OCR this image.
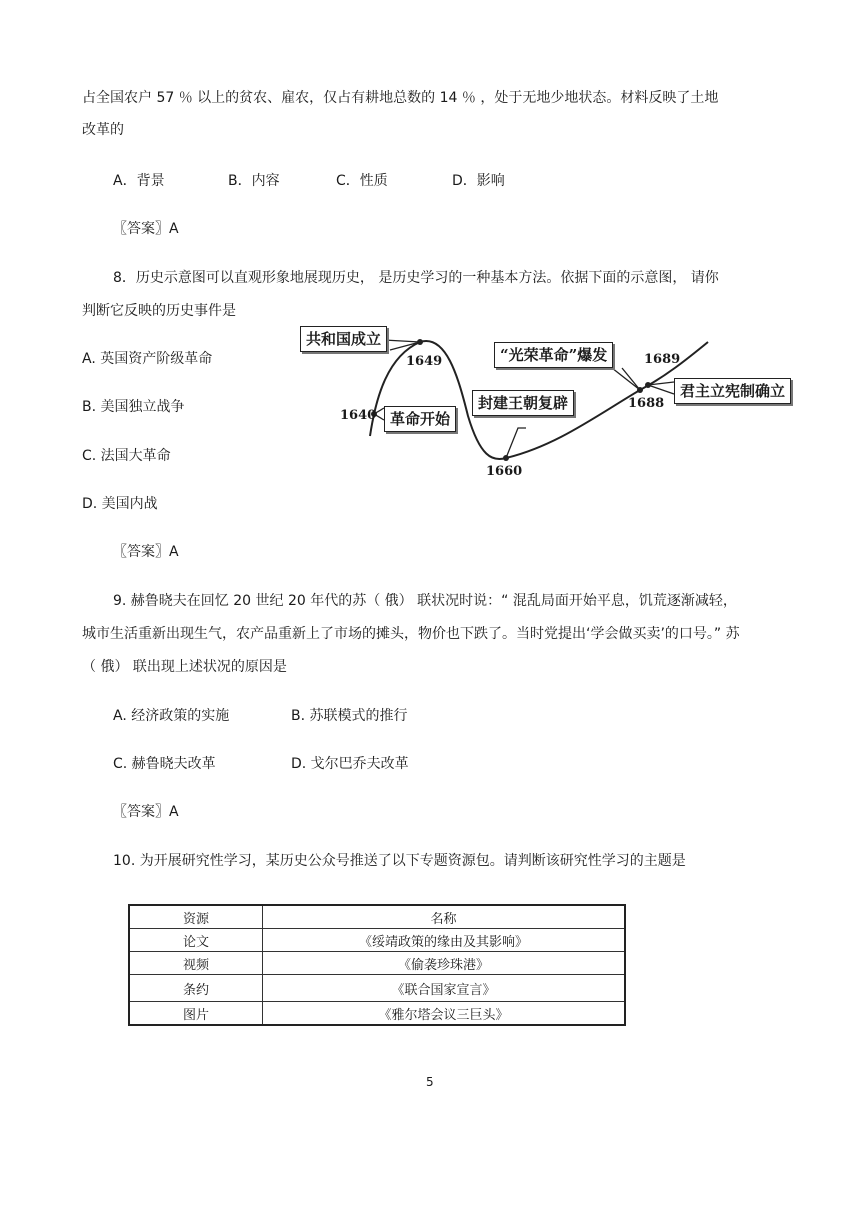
占全国农户 57 ％ 以上的贫农、雇农，仅占有耕地总数的 14 ％ ，处于无地少地状态。材料反映了土地
改革的
A．背景	B．内容	C．性质	D．影响
〖答案〗A
8．历史示意图可以直观形象地展现历史， 是历史学习的一种基本方法。依据下面的示意图， 请你
判断它反映的历史事件是
A. 英国资产阶级革命
B. 美国独立战争
C. 法国大革命
D. 美国内战
〖答案〗A
共和国成立
1649
1640 革命开始
封建王朝复辟
1660
“光荣革命”爆发	1689
1688
君主立宪制确立
9. 赫鲁晓夫在回忆 20 世纪 20 年代的苏（ 俄） 联状况时说：“ 混乱局面开始平息，饥荒逐渐减轻，
城市生活重新出现生气，农产品重新上了市场的摊头，物价也下跌了。当时党提出‘学会做买卖’的口号。” 苏
（ 俄） 联出现上述状况的原因是
A. 经济政策的实施	B. 苏联模式的推行
C. 赫鲁晓夫改革	D. 戈尔巴乔夫改革
〖答案〗A
10. 为开展研究性学习，某历史公众号推送了以下专题资源包。请判断该研究性学习的主题是
资源	名称
论文	《绥靖政策的缘由及其影响》
视频	《偷袭珍珠港》
条约	《联合国家宣言》
图片	《雅尔塔会议三巨头》
5
